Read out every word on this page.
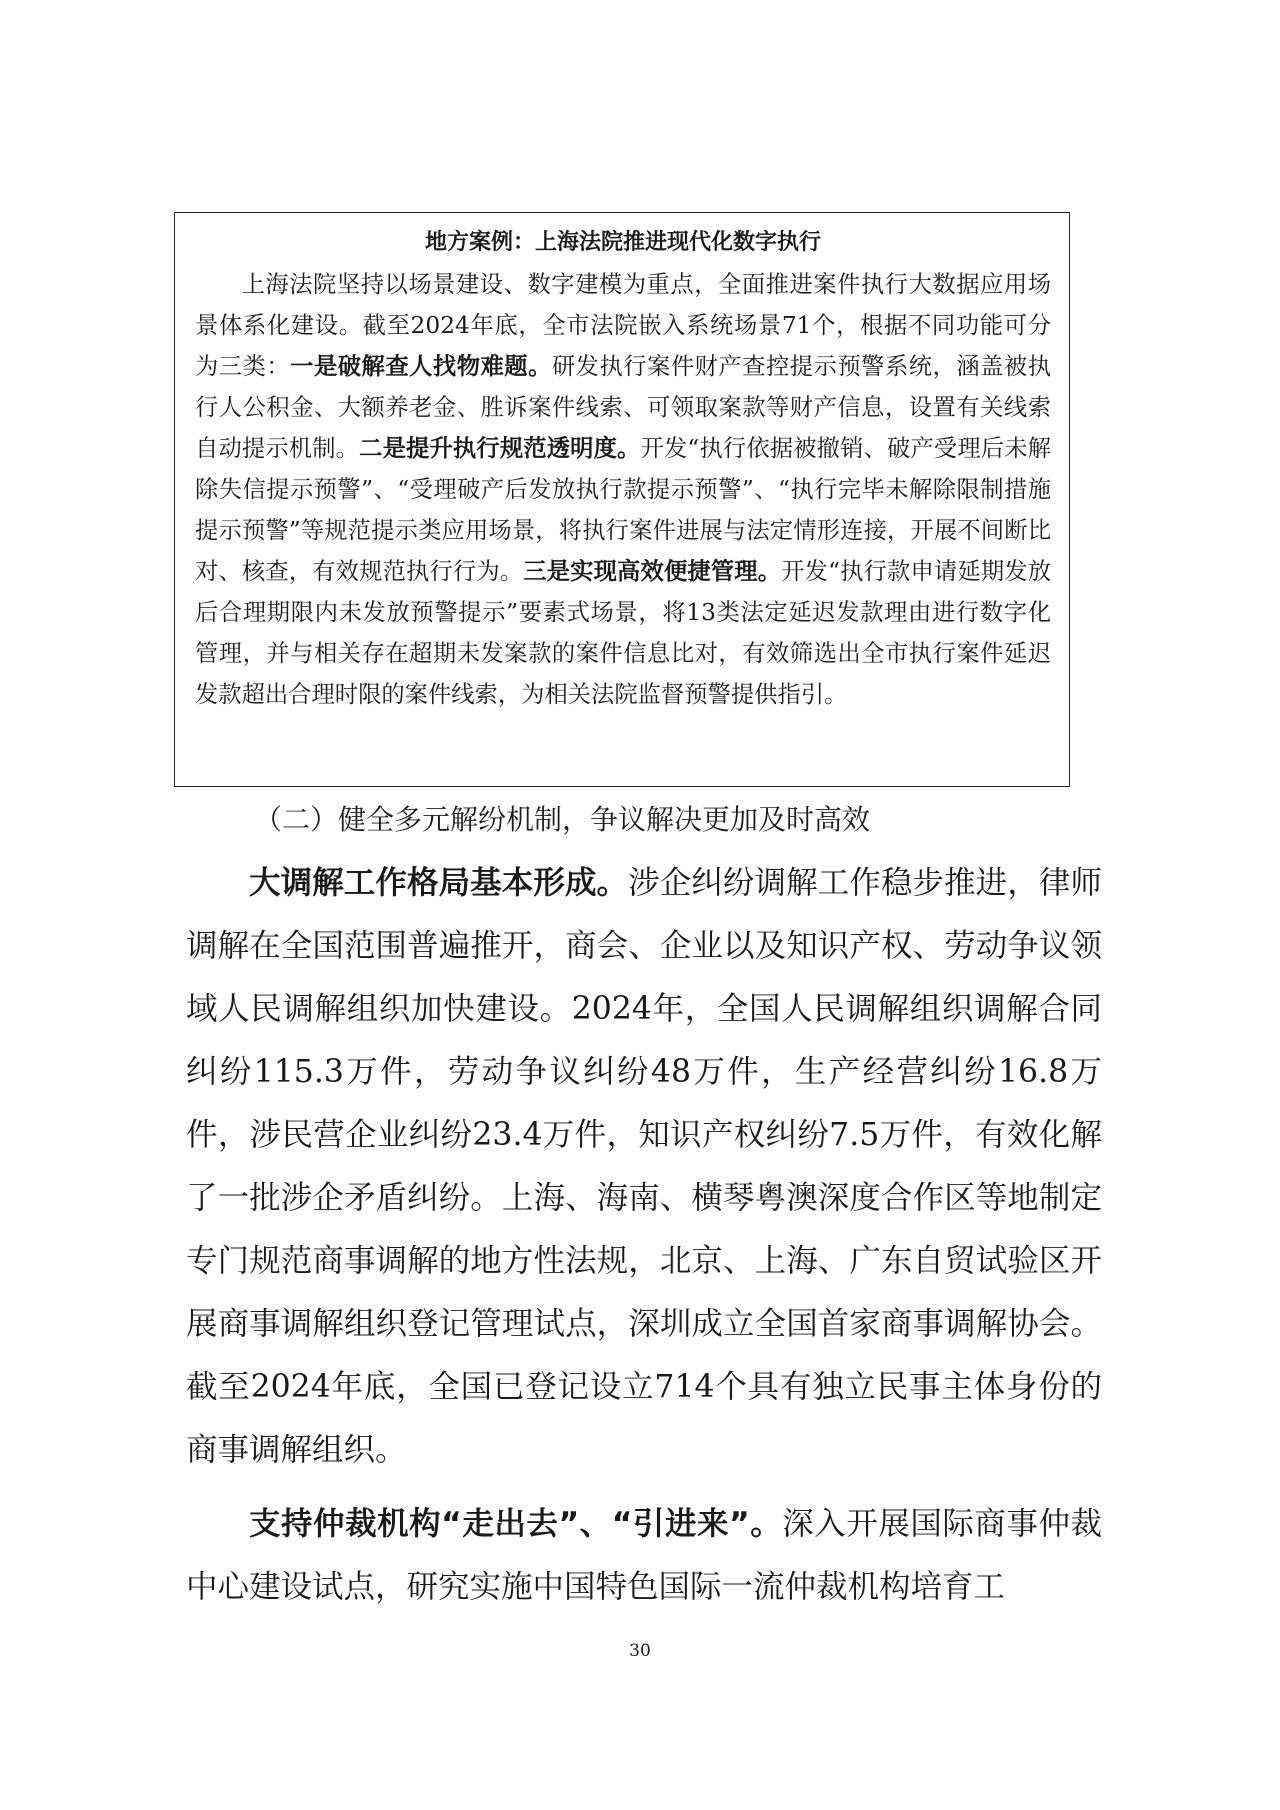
地方案例：上海法院推进现代化数字执行

上海法院坚持以场景建设、数字建模为重点，全面推进案件执行大数据应用场景体系化建设。截至2024年底，全市法院嵌入系统场景71个，根据不同功能可分为三类：一是破解查人找物难题。研发执行案件财产查控提示预警系统，涵盖被执行人公积金、大额养老金、胜诉案件线索、可领取案款等财产信息，设置有关线索自动提示机制。二是提升执行规范透明度。开发“执行依据被撤销、破产受理后未解除失信提示预警”、“受理破产后发放执行款提示预警”、“执行完毕未解除限制措施提示预警”等规范提示类应用场景，将执行案件进展与法定情形连接，开展不间断比对、核查，有效规范执行行为。三是实现高效便捷管理。开发“执行款申请延期发放后合理期限内未发放预警提示”要素式场景，将13类法定延迟发款理由进行数字化管理，并与相关存在超期未发案款的案件信息比对，有效筛选出全市执行案件延迟发款超出合理时限的案件线索，为相关法院监督预警提供指引。

（二）健全多元解纷机制，争议解决更加及时高效

大调解工作格局基本形成。涉企纠纷调解工作稳步推进，律师调解在全国范围普遍推开，商会、企业以及知识产权、劳动争议领域人民调解组织加快建设。2024年，全国人民调解组织调解合同纠纷115.3万件，劳动争议纠纷48万件，生产经营纠纷16.8万件，涉民营企业纠纷23.4万件，知识产权纠纷7.5万件，有效化解了一批涉企矛盾纠纷。上海、海南、横琴粤澳深度合作区等地制定专门规范商事调解的地方性法规，北京、上海、广东自贸试验区开展商事调解组织登记管理试点，深圳成立全国首家商事调解协会。截至2024年底，全国已登记设立714个具有独立民事主体身份的商事调解组织。

支持仲裁机构“走出去”、“引进来”。深入开展国际商事仲裁中心建设试点，研究实施中国特色国际一流仲裁机构培育工

30
